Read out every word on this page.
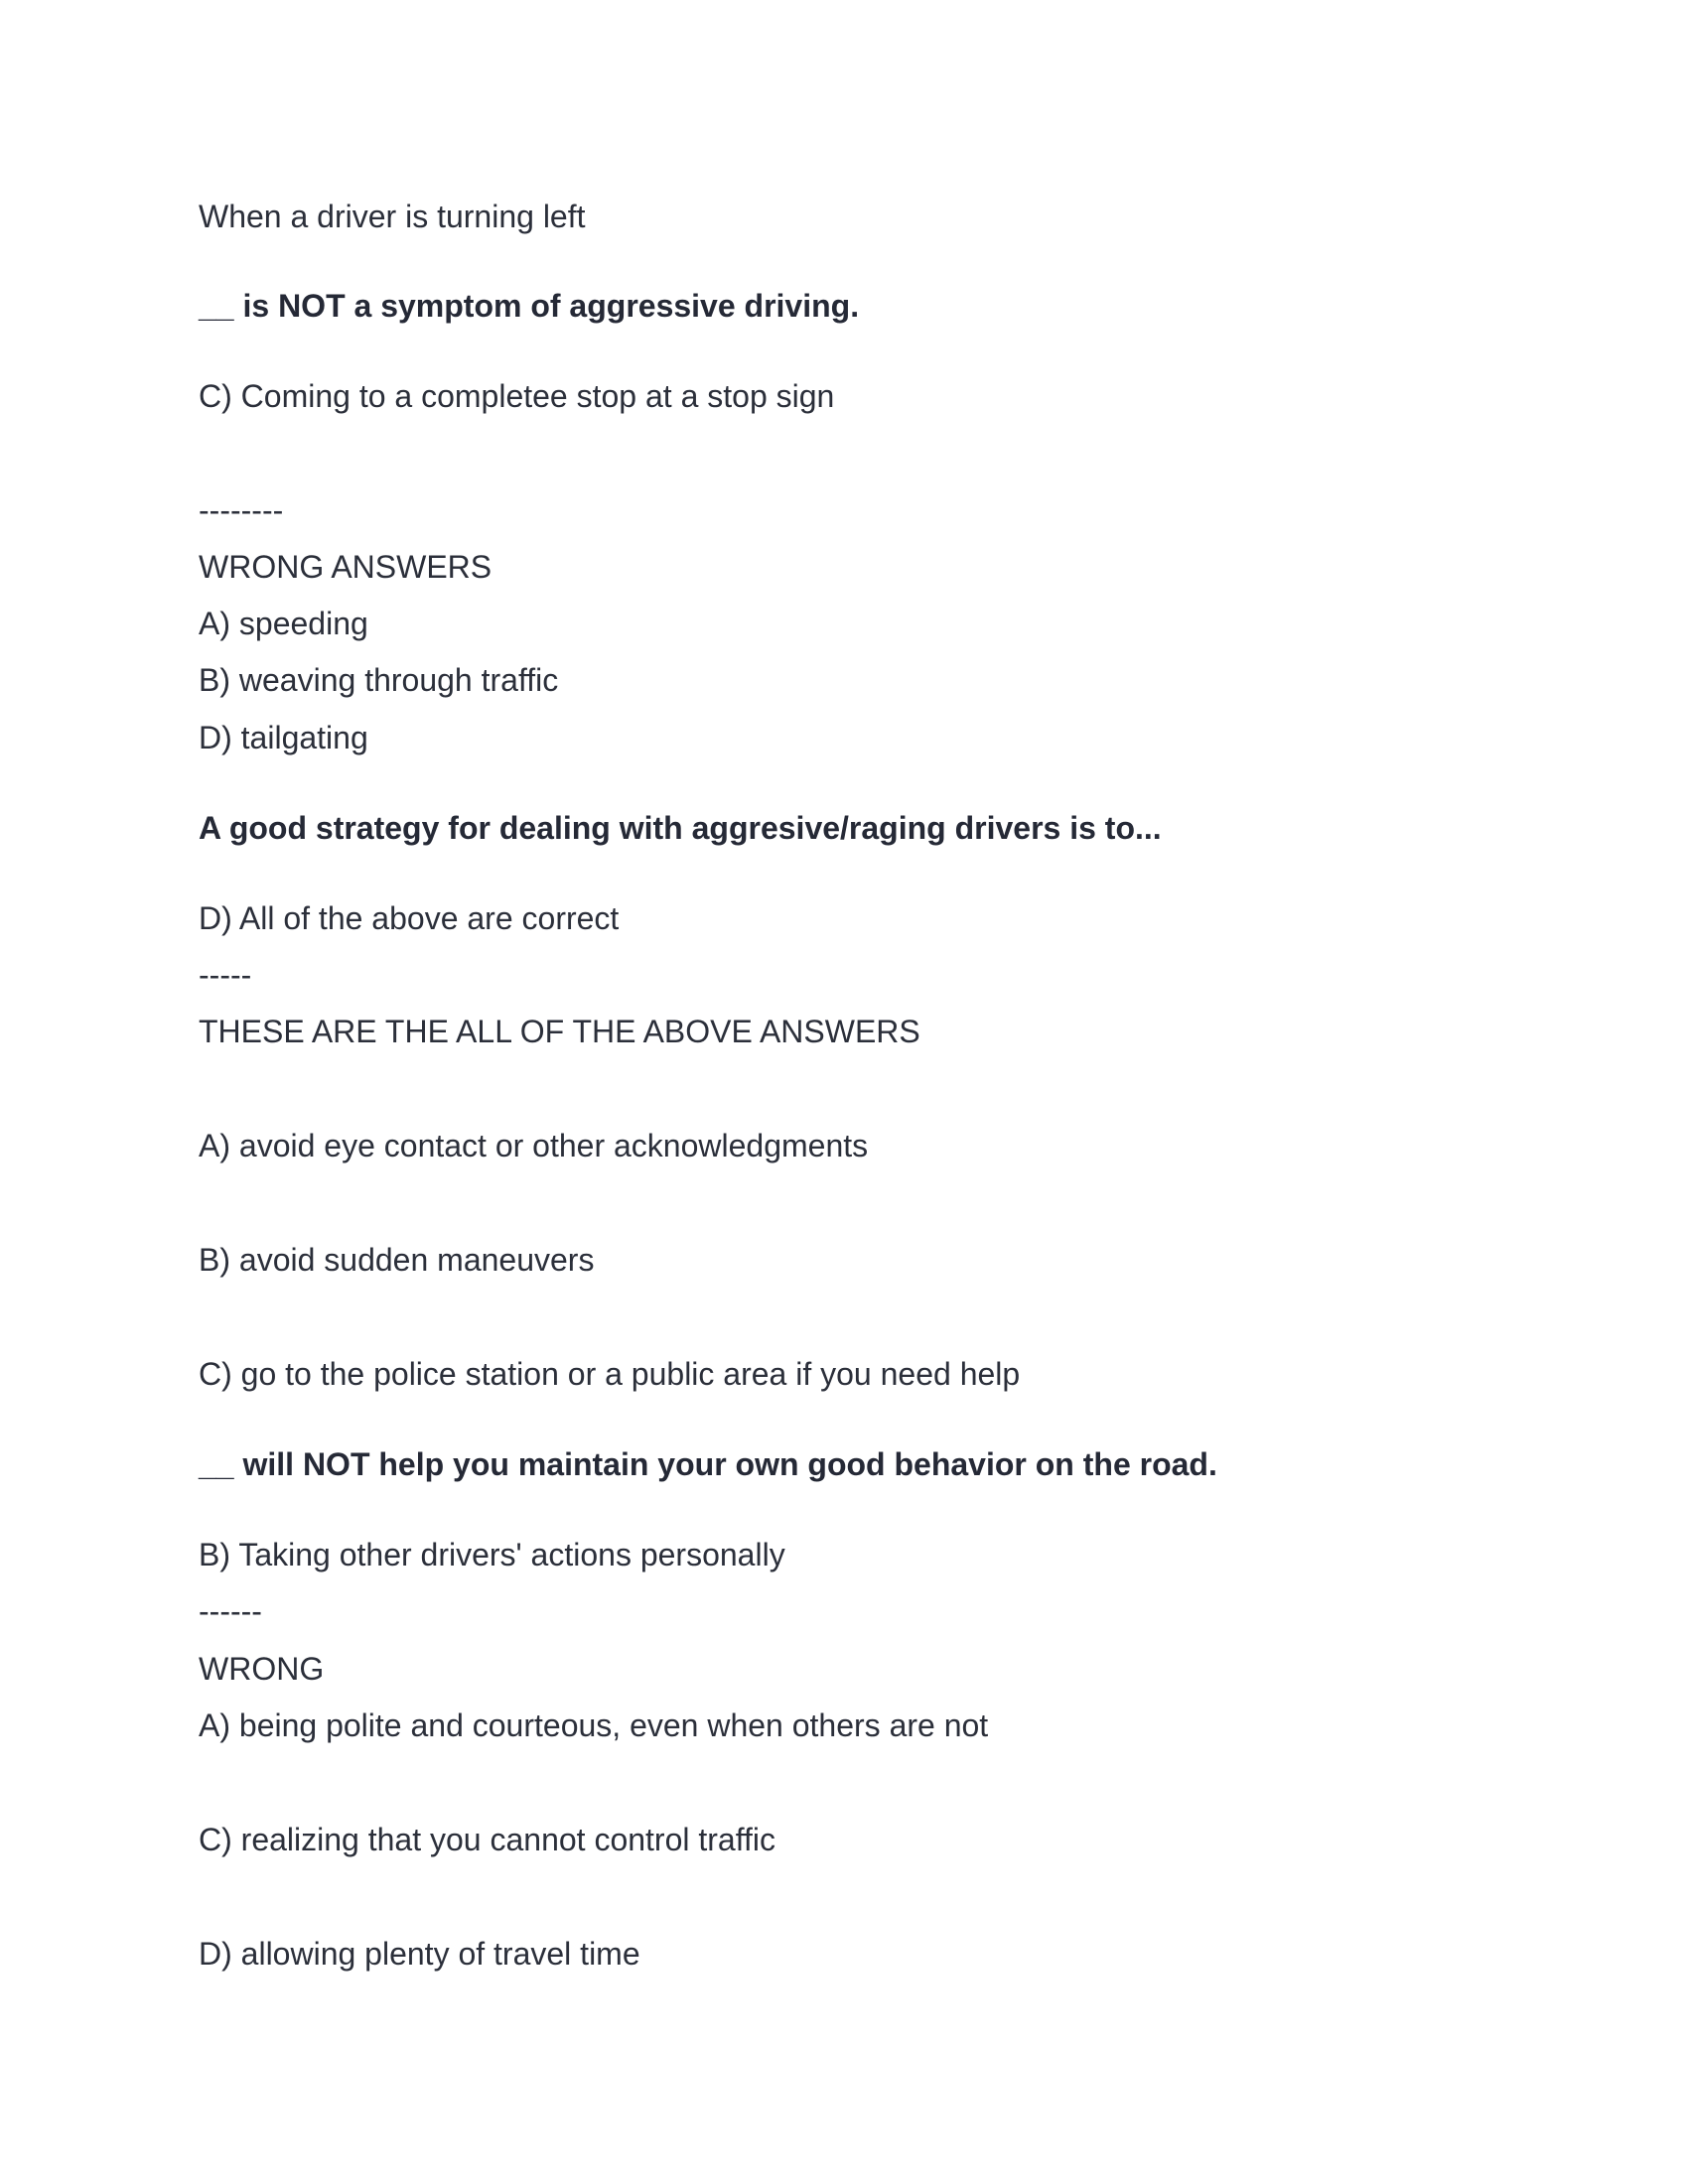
When a driver is turning left
__ is NOT a symptom of aggressive driving.
C) Coming to a completee stop at a stop sign
--------
WRONG ANSWERS
A) speeding
B) weaving through traffic
D) tailgating
A good strategy for dealing with aggresive/raging drivers is to...
D) All of the above are correct
-----
THESE ARE THE ALL OF THE ABOVE ANSWERS
A) avoid eye contact or other acknowledgments
B) avoid sudden maneuvers
C) go to the police station or a public area if you need help
__ will NOT help you maintain your own good behavior on the road.
B) Taking other drivers' actions personally
------
WRONG
A) being polite and courteous, even when others are not
C) realizing that you cannot control traffic
D) allowing plenty of travel time
